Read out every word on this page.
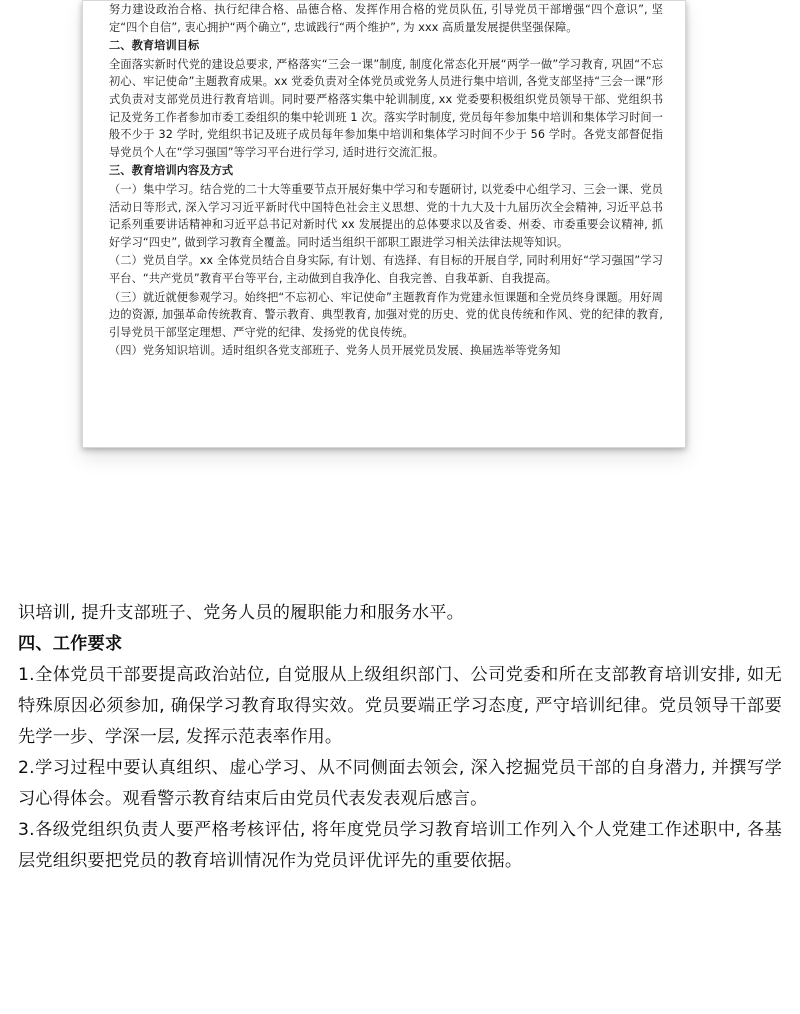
努力建设政治合格、执行纪律合格、品德合格、发挥作用合格的党员队伍, 引导党员干部增强“四个意识”, 坚定“四个自信”, 衷心拥护“两个确立”, 忠诚践行“两个维护”, 为 xxx 高质量发展提供坚强保障。

二、教育培训目标

全面落实新时代党的建设总要求, 严格落实“三会一课”制度, 制度化常态化开展“两学一做”学习教育, 巩固“不忘初心、牢记使命”主题教育成果。xx 党委负责对全体党员或党务人员进行集中培训, 各党支部坚持“三会一课”形式负责对支部党员进行教育培训。同时要严格落实集中轮训制度, xx 党委要积极组织党员领导干部、党组织书记及党务工作者参加市委工委组织的集中轮训班 1 次。落实学时制度, 党员每年参加集中培训和集体学习时间一般不少于 32 学时, 党组织书记及班子成员每年参加集中培训和集体学习时间不少于 56 学时。各党支部督促指导党员个人在“学习强国”等学习平台进行学习, 适时进行交流汇报。

三、教育培训内容及方式

（一）集中学习。结合党的二十大等重要节点开展好集中学习和专题研讨, 以党委中心组学习、三会一课、党员活动日等形式, 深入学习习近平新时代中国特色社会主义思想、党的十九大及十九届历次全会精神, 习近平总书记系列重要讲话精神和习近平总书记对新时代 xx 发展提出的总体要求以及省委、州委、市委重要会议精神, 抓好学习“四史”, 做到学习教育全覆盖。同时适当组织干部职工跟进学习相关法律法规等知识。

（二）党员自学。xx 全体党员结合自身实际, 有计划、有选择、有目标的开展自学, 同时利用好“学习强国”学习平台、“共产党员”教育平台等平台, 主动做到自我净化、自我完善、自我革新、自我提高。

（三）就近就便参观学习。始终把“不忘初心、牢记使命”主题教育作为党建永恒课题和全党员终身课题。用好周边的资源, 加强革命传统教育、警示教育、典型教育, 加强对党的历史、党的优良传统和作风、党的纪律的教育, 引导党员干部坚定理想、严守党的纪律、发扬党的优良传统。

（四）党务知识培训。适时组织各党支部班子、党务人员开展党员发展、换届选举等党务知

识培训, 提升支部班子、党务人员的履职能力和服务水平。

四、工作要求

1.全体党员干部要提高政治站位, 自觉服从上级组织部门、公司党委和所在支部教育培训安排, 如无特殊原因必须参加, 确保学习教育取得实效。党员要端正学习态度, 严守培训纪律。党员领导干部要先学一步、学深一层, 发挥示范表率作用。

2.学习过程中要认真组织、虚心学习、从不同侧面去领会, 深入挖掘党员干部的自身潜力, 并撰写学习心得体会。观看警示教育结束后由党员代表发表观后感言。

3.各级党组织负责人要严格考核评估, 将年度党员学习教育培训工作列入个人党建工作述职中, 各基层党组织要把党员的教育培训情况作为党员评优评先的重要依据。
